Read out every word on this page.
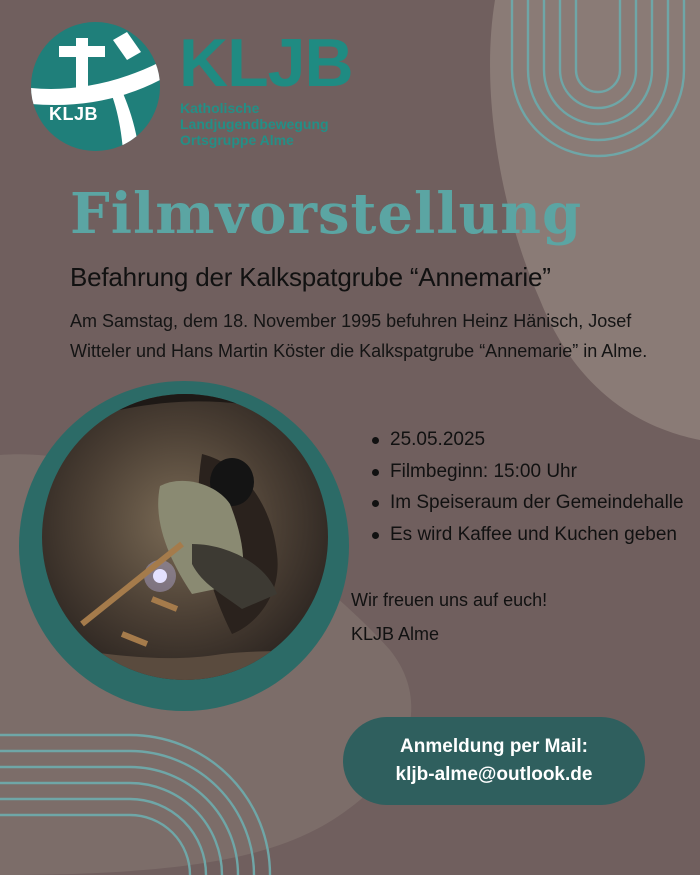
KLJB
KLJB
Katholische
Landjugendbewegung
Ortsgruppe Alme
Filmvorstellung
Befahrung der Kalkspatgrube “Annemarie”
Am Samstag, dem 18. November 1995 befuhren Heinz Hänisch, Josef
Witteler und Hans Martin Köster die Kalkspatgrube “Annemarie” in Alme.
25.05.2025
Filmbeginn: 15:00 Uhr
Im Speiseraum der Gemeindehalle
Es wird Kaffee und Kuchen geben
Wir freuen uns auf euch!
KLJB Alme
Anmeldung per Mail:
kljb-alme@outlook.de
